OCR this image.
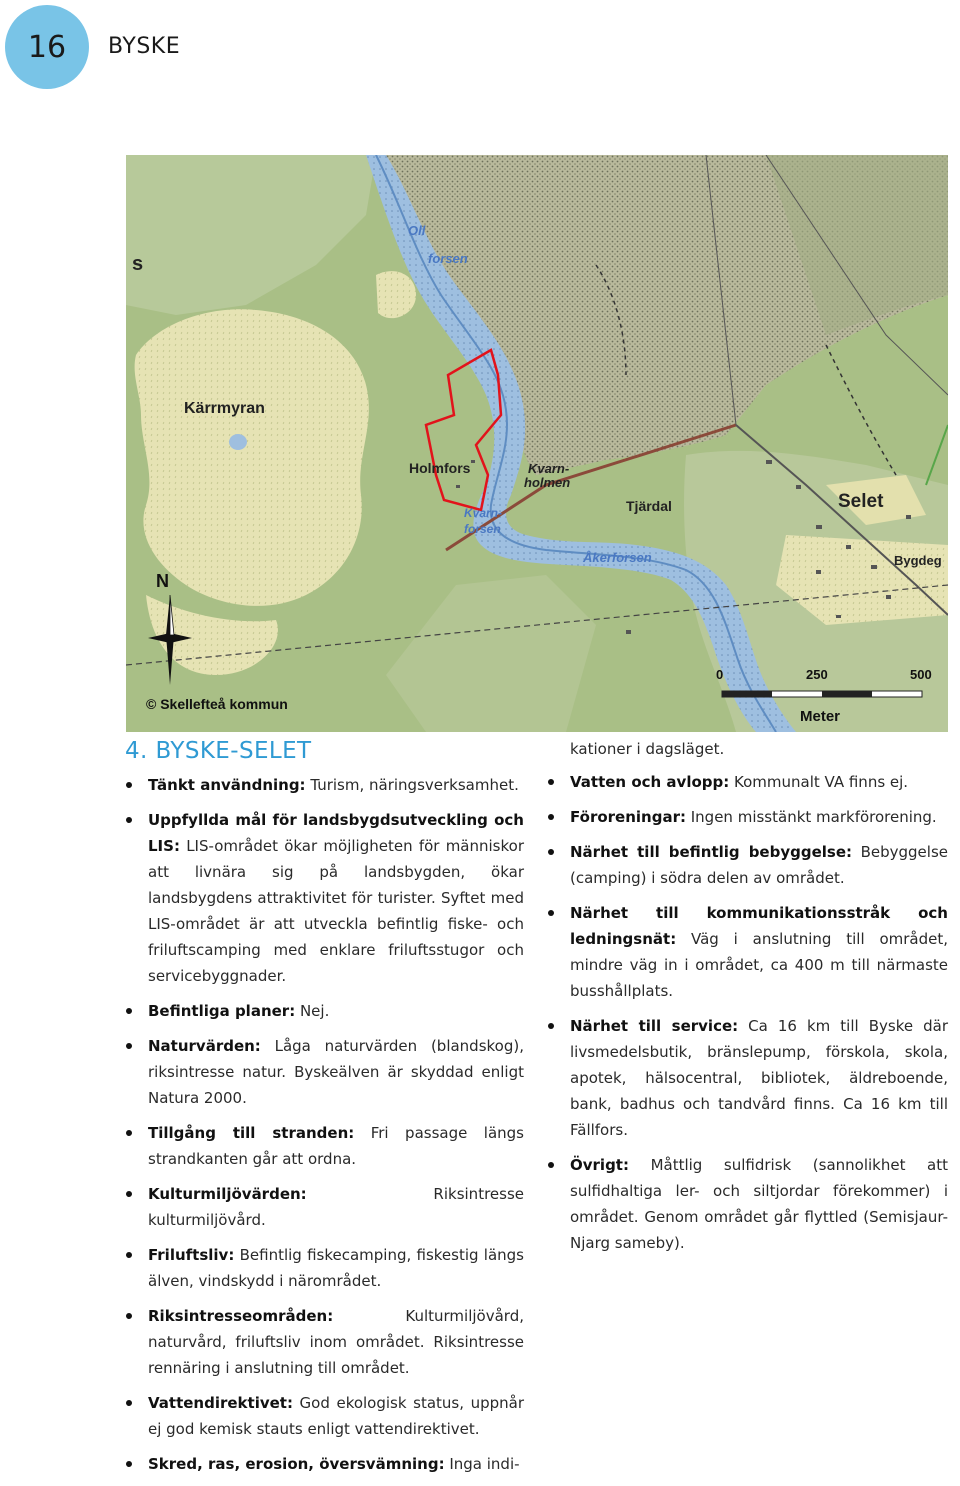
16 BYSKE
s
Oll
forsen
Kärrmyran
Holmfors	Kvarn-
holmen
Kvarn-
forsen
Tjärdal	Selet
Åkerforsen	Bygdeg
N
© Skellefteå kommun
0	250	500
Meter
4. BYSKE-SELET
Tänkt användning: Turism, näringsverksamhet.
Uppfyllda mål för landsbygdsutveckling och LIS: LIS-området ökar möjligheten för människor att livnära sig på landsbygden, ökar landsbygdens attraktivitet för turister. Syftet med LIS-området är att utveckla befintlig fiske- och friluftscamping med enklare friluftsstugor och servicebyggnader.
Befintliga planer: Nej.
Naturvärden: Låga naturvärden (blandskog), riksintresse natur. Byskeälven är skyddad enligt Natura 2000.
Tillgång till stranden: Fri passage längs strandkanten går att ordna.
Kulturmiljövärden: Riksintresse kulturmiljövård.
Friluftsliv: Befintlig fiskecamping, fiskestig längs älven, vindskydd i närområdet.
Riksintresseområden: Kulturmiljövård, naturvård, friluftsliv inom området. Riksintresse rennäring i anslutning till området.
Vattendirektivet: God ekologisk status, uppnår ej god kemisk stauts enligt vattendirektivet.
Skred, ras, erosion, översvämning: Inga indi-
kationer i dagsläget.
Vatten och avlopp: Kommunalt VA finns ej.
Föroreningar: Ingen misstänkt markförorening.
Närhet till befintlig bebyggelse: Bebyggelse (camping) i södra delen av området.
Närhet till kommunikationsstråk och ledningsnät: Väg i anslutning till området, mindre väg in i området, ca 400 m till närmaste busshållplats.
Närhet till service: Ca 16 km till Byske där livsmedelsbutik, bränslepump, förskola, skola, apotek, hälsocentral, bibliotek, äldreboende, bank, badhus och tandvård finns. Ca 16 km till Fällfors.
Övrigt: Måttlig sulfidrisk (sannolikhet att sulfidhaltiga ler- och siltjordar förekommer) i området. Genom området går flyttled (Semisjaur-Njarg sameby).
